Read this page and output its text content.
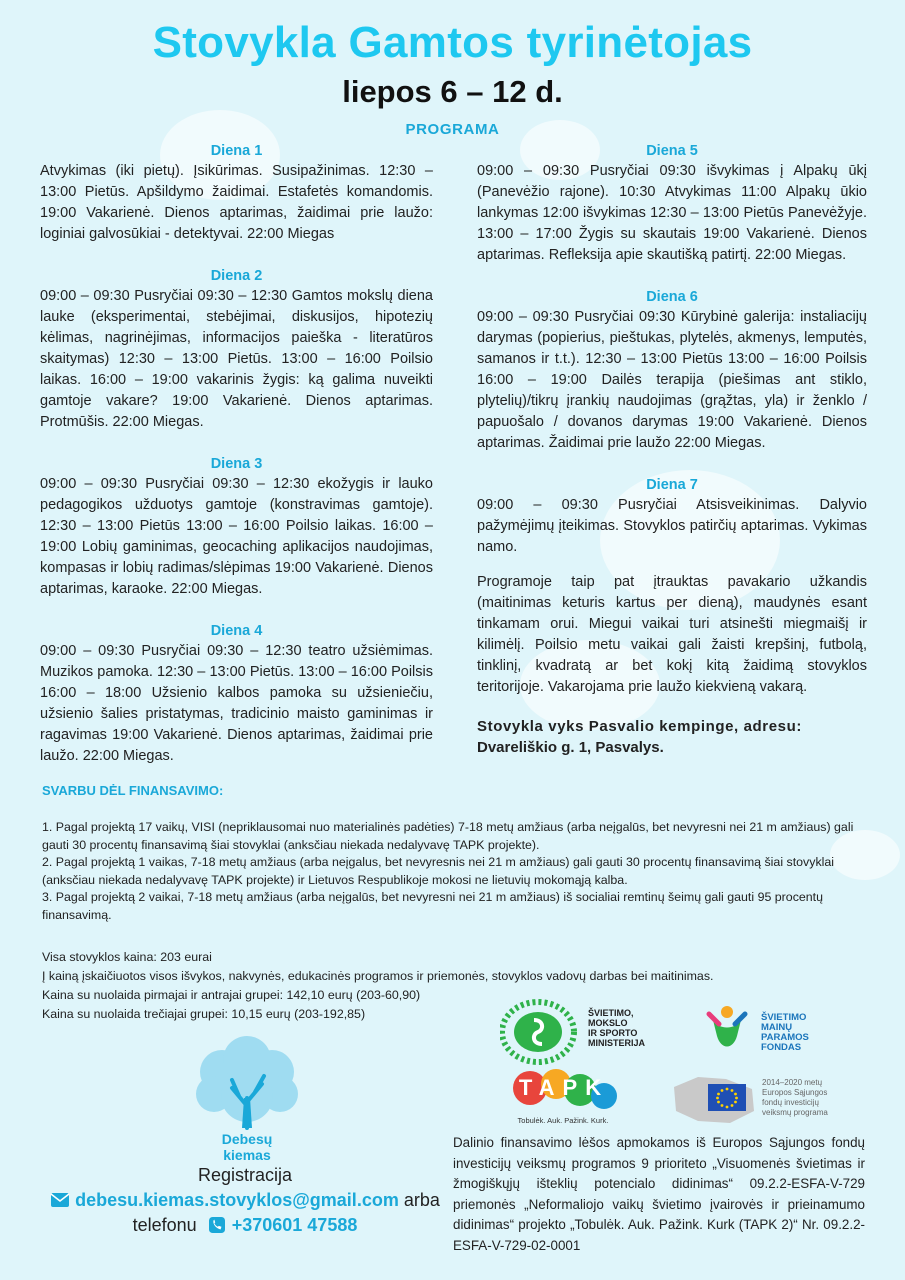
Stovykla Gamtos tyrinėtojas
liepos 6 – 12 d.
PROGRAMA

Diena 1

Atvykimas (iki pietų). Įsikūrimas. Susipažinimas. 12:30 – 13:00 Pietūs. Apšildymo žaidimai. Estafetės komandomis. 19:00 Vakarienė. Dienos aptarimas, žaidimai prie laužo: loginiai galvosūkiai - detektyvai. 22:00 Miegas

Diena 2

09:00 – 09:30 Pusryčiai 09:30 – 12:30 Gamtos mokslų diena lauke (eksperimentai, stebėjimai, diskusijos, hipotezių kėlimas, nagrinėjimas, informacijos paieška - literatūros skaitymas) 12:30 – 13:00 Pietūs. 13:00 – 16:00 Poilsio laikas. 16:00 – 19:00 vakarinis žygis: ką galima nuveikti gamtoje vakare? 19:00 Vakarienė. Dienos aptarimas. Protmūšis. 22:00 Miegas.

Diena 3

09:00 – 09:30 Pusryčiai 09:30 – 12:30 ekožygis ir lauko pedagogikos užduotys gamtoje (konstravimas gamtoje). 12:30 – 13:00 Pietūs 13:00 – 16:00 Poilsio laikas. 16:00 – 19:00 Lobių gaminimas, geocaching aplikacijos naudojimas, kompasas ir lobių radimas/slėpimas 19:00 Vakarienė. Dienos aptarimas, karaoke. 22:00 Miegas.

Diena 4

09:00 – 09:30 Pusryčiai 09:30 – 12:30 teatro užsiėmimas. Muzikos pamoka. 12:30 – 13:00 Pietūs. 13:00 – 16:00 Poilsis 16:00 – 18:00 Užsienio kalbos pamoka su užsieniečiu, užsienio šalies pristatymas, tradicinio maisto gaminimas ir ragavimas 19:00 Vakarienė. Dienos aptarimas, žaidimai prie laužo. 22:00 Miegas.

Diena 5

09:00 – 09:30 Pusryčiai 09:30 išvykimas į Alpakų ūkį (Panevėžio rajone). 10:30 Atvykimas 11:00 Alpakų ūkio lankymas 12:00 išvykimas 12:30 – 13:00 Pietūs Panevėžyje. 13:00 – 17:00 Žygis su skautais 19:00 Vakarienė. Dienos aptarimas. Refleksija apie skautišką patirtį. 22:00 Miegas.

Diena 6

09:00 – 09:30 Pusryčiai 09:30 Kūrybinė galerija: instaliacijų darymas (popierius, pieštukas, plytelės, akmenys, lemputės, samanos ir t.t.). 12:30 – 13:00 Pietūs 13:00 – 16:00 Poilsis 16:00 – 19:00 Dailės terapija (piešimas ant stiklo, plytelių)/tikrų įrankių naudojimas (grąžtas, yla) ir ženklo / papuošalo / dovanos darymas 19:00 Vakarienė. Dienos aptarimas. Žaidimai prie laužo 22:00 Miegas.

Diena 7

09:00 – 09:30 Pusryčiai Atsisveikinimas. Dalyvio pažymėjimų įteikimas. Stovyklos patirčių aptarimas. Vykimas namo.

Programoje taip pat įtrauktas pavakario užkandis (maitinimas keturis kartus per dieną), maudynės esant tinkamam orui. Miegui vaikai turi atsinešti miegmaišį ir kilimėlį. Poilsio metu vaikai gali žaisti krepšinį, futbolą, tinklinį, kvadratą ar bet kokį kitą žaidimą stovyklos teritorijoje. Vakarojama prie laužo kiekvieną vakarą.
Stovykla vyks Pasvalio kempinge, adresu:
Dvareliškio g. 1, Pasvalys.
SVARBU DĖL FINANSAVIMO:

1. Pagal projektą 17 vaikų, VISI (nepriklausomai nuo materialinės padėties) 7-18 metų amžiaus (arba neįgalūs, bet nevyresni nei 21 m amžiaus) gali gauti 30 procentų finansavimą šiai stovyklai (anksčiau niekada nedalyvavę TAPK projekte).

2. Pagal projektą 1 vaikas, 7-18 metų amžiaus (arba neįgalus, bet nevyresnis nei 21 m amžiaus) gali gauti 30 procentų finansavimą šiai stovyklai (anksčiau niekada nedalyvavę TAPK projekte) ir Lietuvos Respublikoje mokosi ne lietuvių mokomąją kalba.

3. Pagal projektą 2 vaikai, 7-18 metų amžiaus (arba neįgalūs, bet nevyresni nei 21 m amžiaus) iš socialiai remtinų šeimų gali gauti 95 procentų finansavimą.

Visa stovyklos kaina: 203 eurai

Į kainą įskaičiuotos visos išvykos, nakvynės, edukacinės programos ir priemonės, stovyklos vadovų darbas bei maitinimas.

Kaina su nuolaida pirmajai ir antrajai grupei: 142,10 eurų (203-60,90)

Kaina su nuolaida trečiajai grupei: 10,15 eurų (203-192,85)

Debesų
kiemas
Registracija
debesu.kiemas.stovyklos@gmail.com arba
telefonu +370601 47588
ŠVIETIMO,
MOKSLO
IR SPORTO
MINISTERIJA
ŠVIETIMO
MAINŲ
PARAMOS
FONDAS
TAPK
Tobulėk. Auk. Pažink. Kurk.
2014–2020 metų
Europos Sąjungos
fondų investicijų
veiksmų programa
Dalinio finansavimo lėšos apmokamos iš Europos Sąjungos fondų investicijų veiksmų programos 9 prioriteto „Visuomenės švietimas ir žmogiškųjų išteklių potencialo didinimas“ 09.2.2-ESFA-V-729 priemonės „Neformaliojo vaikų švietimo įvairovės ir prieinamumo didinimas“ projekto „Tobulėk. Auk. Pažink. Kurk (TAPK 2)“ Nr. 09.2.2-ESFA-V-729-02-0001
